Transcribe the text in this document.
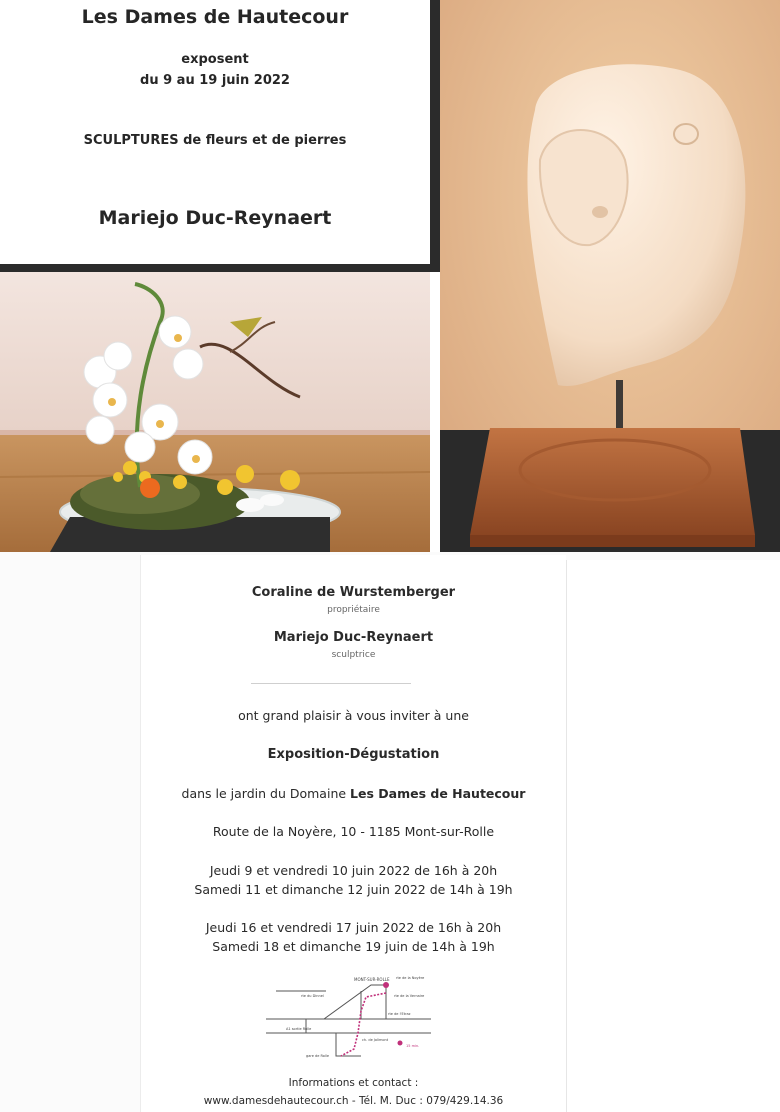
Les Dames de Hautecour
exposent
du 9 au 19 juin 2022
SCULPTURES de fleurs et de pierres
Mariejo Duc-Reynaert
Coraline de Wurstemberger
propriétaire
Mariejo Duc-Reynaert
sculptrice
ont grand plaisir à vous inviter à une
Exposition-Dégustation
dans le jardin du Domaine Les Dames de Hautecour
Route de la Noyère, 10 - 1185 Mont-sur-Rolle
Jeudi 9 et vendredi 10 juin 2022 de 16h à 20h
Samedi 11 et dimanche 12 juin 2022 de 14h à 19h
Jeudi 16 et vendredi 17 juin 2022 de 16h à 20h
Samedi 18 et dimanche 19 juin de 14h à 19h
MONT-SUR-ROLLE rte de la Noyère
rte du Dinnel	rte de la Vernaire
rte de l'Etraz
A1 sortie Rolle
ch. de Jolimont
gare de Rolle
15 min.
Informations et contact :
www.damesdehautecour.ch - Tél. M. Duc : 079/429.14.36
